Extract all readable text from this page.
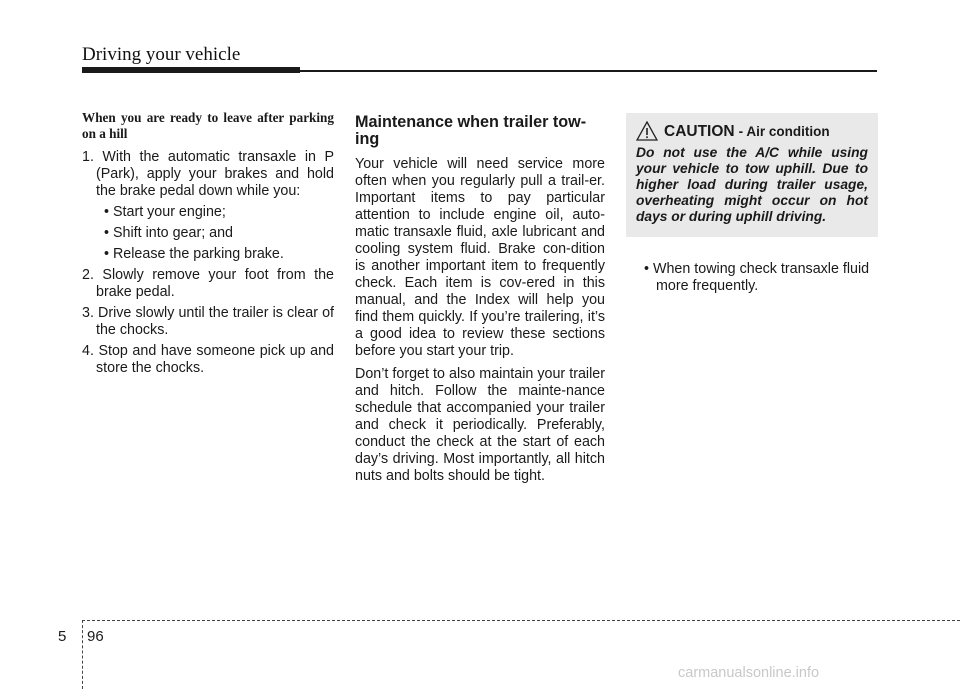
Driving your vehicle
When you are ready to leave after parking on a hill
1. With the automatic transaxle in P (Park), apply your brakes and hold the brake pedal down while you:
• Start your engine;
• Shift into gear; and
• Release the parking brake.
2. Slowly remove your foot from the brake pedal.
3. Drive slowly until the trailer is clear of the chocks.
4. Stop and have someone pick up and store the chocks.
Maintenance when trailer tow-ing
Your vehicle will need service more often when you regularly pull a trail-er. Important items to pay particular attention to include engine oil, auto-matic transaxle fluid, axle lubricant and cooling system fluid. Brake con-dition is another important item to frequently check. Each item is cov-ered in this manual, and the Index will help you find them quickly. If you’re trailering, it’s a good idea to review these sections before you start your trip.
Don’t forget to also maintain your trailer and hitch. Follow the mainte-nance schedule that accompanied your trailer and check it periodically. Preferably, conduct the check at the start of each day’s driving. Most importantly, all hitch nuts and bolts should be tight.
CAUTION - Air condition
Do not use the A/C while using your vehicle to tow uphill. Due to higher load during trailer usage, overheating might occur on hot days or during uphill driving.
• When towing check transaxle fluid more frequently.
5 96
carmanualsonline.info
